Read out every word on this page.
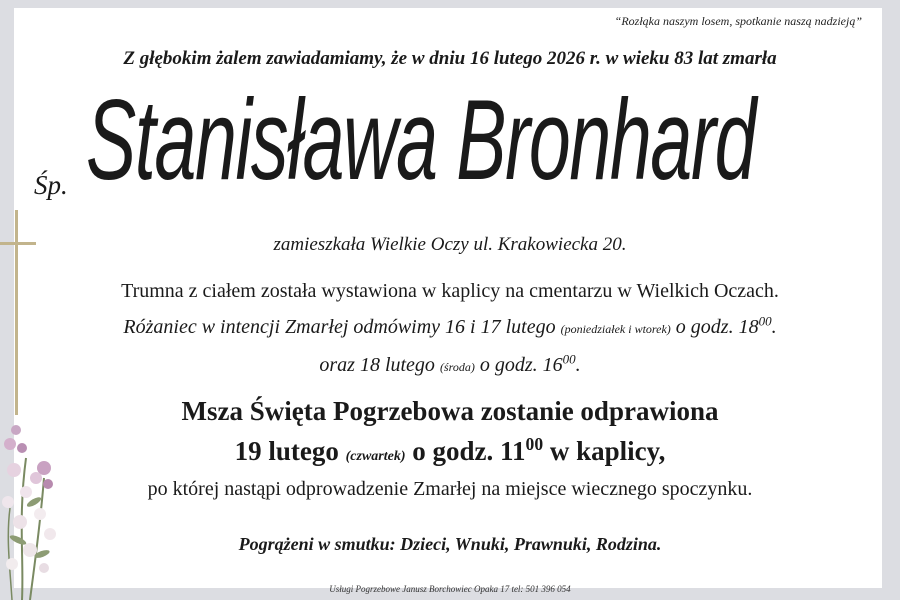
“Rozłąka naszym losem, spotkanie naszą nadzieją”
Z głębokim żalem zawiadamiamy, że w dniu 16 lutego 2026 r. w wieku 83 lat zmarła
Śp. Stanisława Bronhard
zamieszkała Wielkie Oczy ul. Krakowiecka 20.
Trumna z ciałem została wystawiona w kaplicy na cmentarzu w Wielkich Oczach.
Różaniec w intencji Zmarłej odmówimy 16 i 17 lutego (poniedziałek i wtorek) o godz. $18^{00}$.
oraz 18 lutego (środa) o godz. $16^{00}$.
Msza Święta Pogrzebowa zostanie odprawiona
19 lutego (czwartek) o godz. $11^{00}$ w kaplicy,
po której nastąpi odprowadzenie Zmarłej na miejsce wiecznego spoczynku.
Pogrążeni w smutku: Dzieci, Wnuki, Prawnuki, Rodzina.
Usługi Pogrzebowe Janusz Borchowiec Opaka 17 tel: 501 396 054
